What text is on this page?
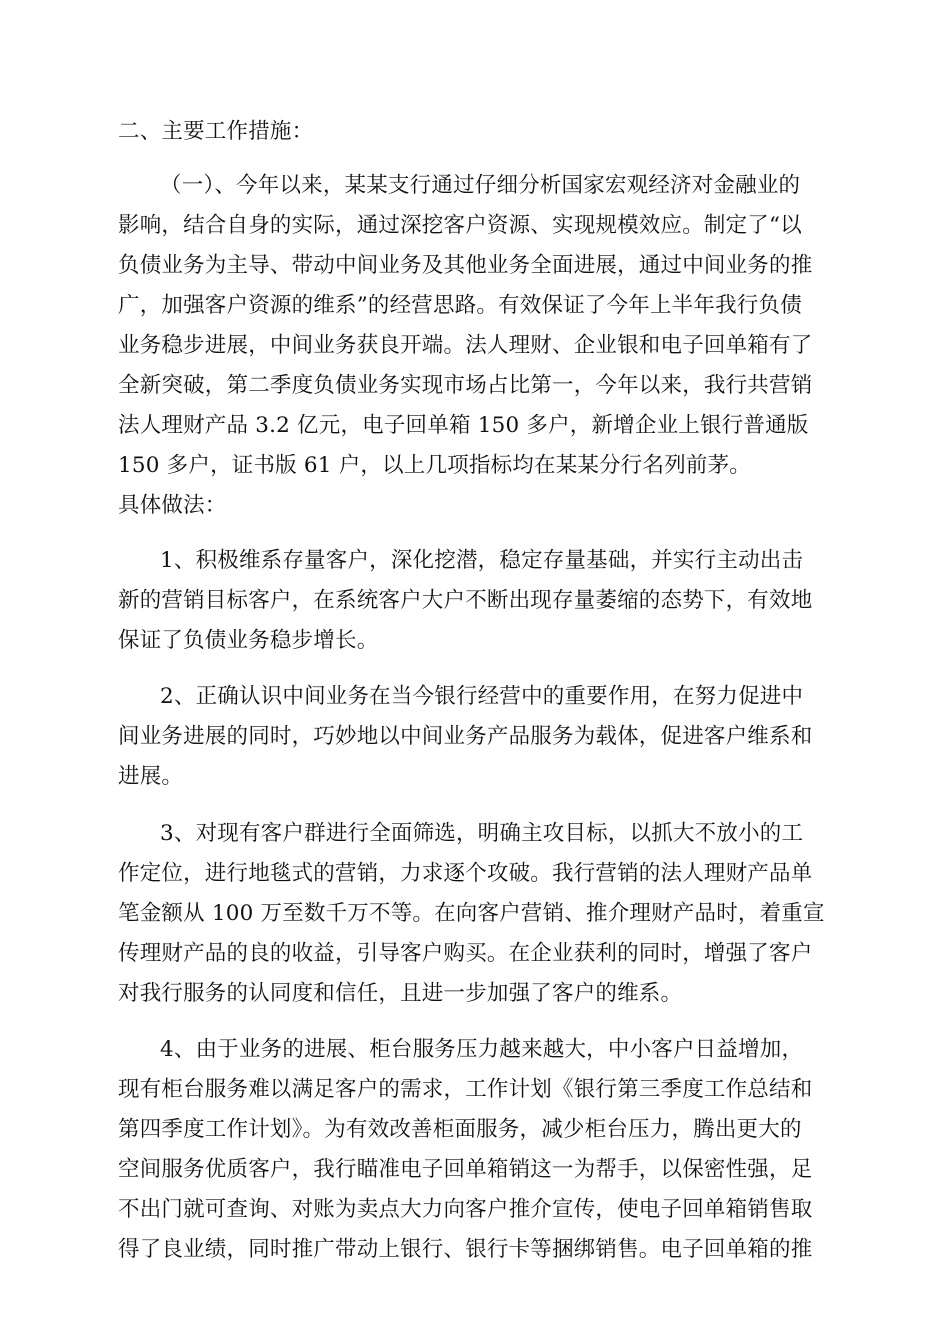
二、主要工作措施：

（一）、今年以来，某某支行通过仔细分析国家宏观经济对金融业的

影响，结合自身的实际，通过深挖客户资源、实现规模效应。制定了“以

负债业务为主导、带动中间业务及其他业务全面进展，通过中间业务的推

广，加强客户资源的维系”的经营思路。有效保证了今年上半年我行负债

业务稳步进展，中间业务获良开端。法人理财、企业银和电子回单箱有了

全新突破，第二季度负债业务实现市场占比第一，今年以来，我行共营销

法人理财产品 3.2 亿元，电子回单箱 150 多户，新增企业上银行普通版

150 多户，证书版 61 户，以上几项指标均在某某分行名列前茅。

具体做法：

1、积极维系存量客户，深化挖潜，稳定存量基础，并实行主动出击

新的营销目标客户，在系统客户大户不断出现存量萎缩的态势下，有效地

保证了负债业务稳步增长。

2、正确认识中间业务在当今银行经营中的重要作用，在努力促进中

间业务进展的同时，巧妙地以中间业务产品服务为载体，促进客户维系和

进展。

3、对现有客户群进行全面筛选，明确主攻目标，以抓大不放小的工

作定位，进行地毯式的营销，力求逐个攻破。我行营销的法人理财产品单

笔金额从 100 万至数千万不等。在向客户营销、推介理财产品时，着重宣

传理财产品的良的收益，引导客户购买。在企业获利的同时，增强了客户

对我行服务的认同度和信任，且进一步加强了客户的维系。

4、由于业务的进展、柜台服务压力越来越大，中小客户日益增加，

现有柜台服务难以满足客户的需求，工作计划《银行第三季度工作总结和

第四季度工作计划》。为有效改善柜面服务，减少柜台压力，腾出更大的

空间服务优质客户，我行瞄准电子回单箱销这一为帮手，以保密性强，足

不出门就可查询、对账为卖点大力向客户推介宣传，使电子回单箱销售取

得了良业绩，同时推广带动上银行、银行卡等捆绑销售。电子回单箱的推
